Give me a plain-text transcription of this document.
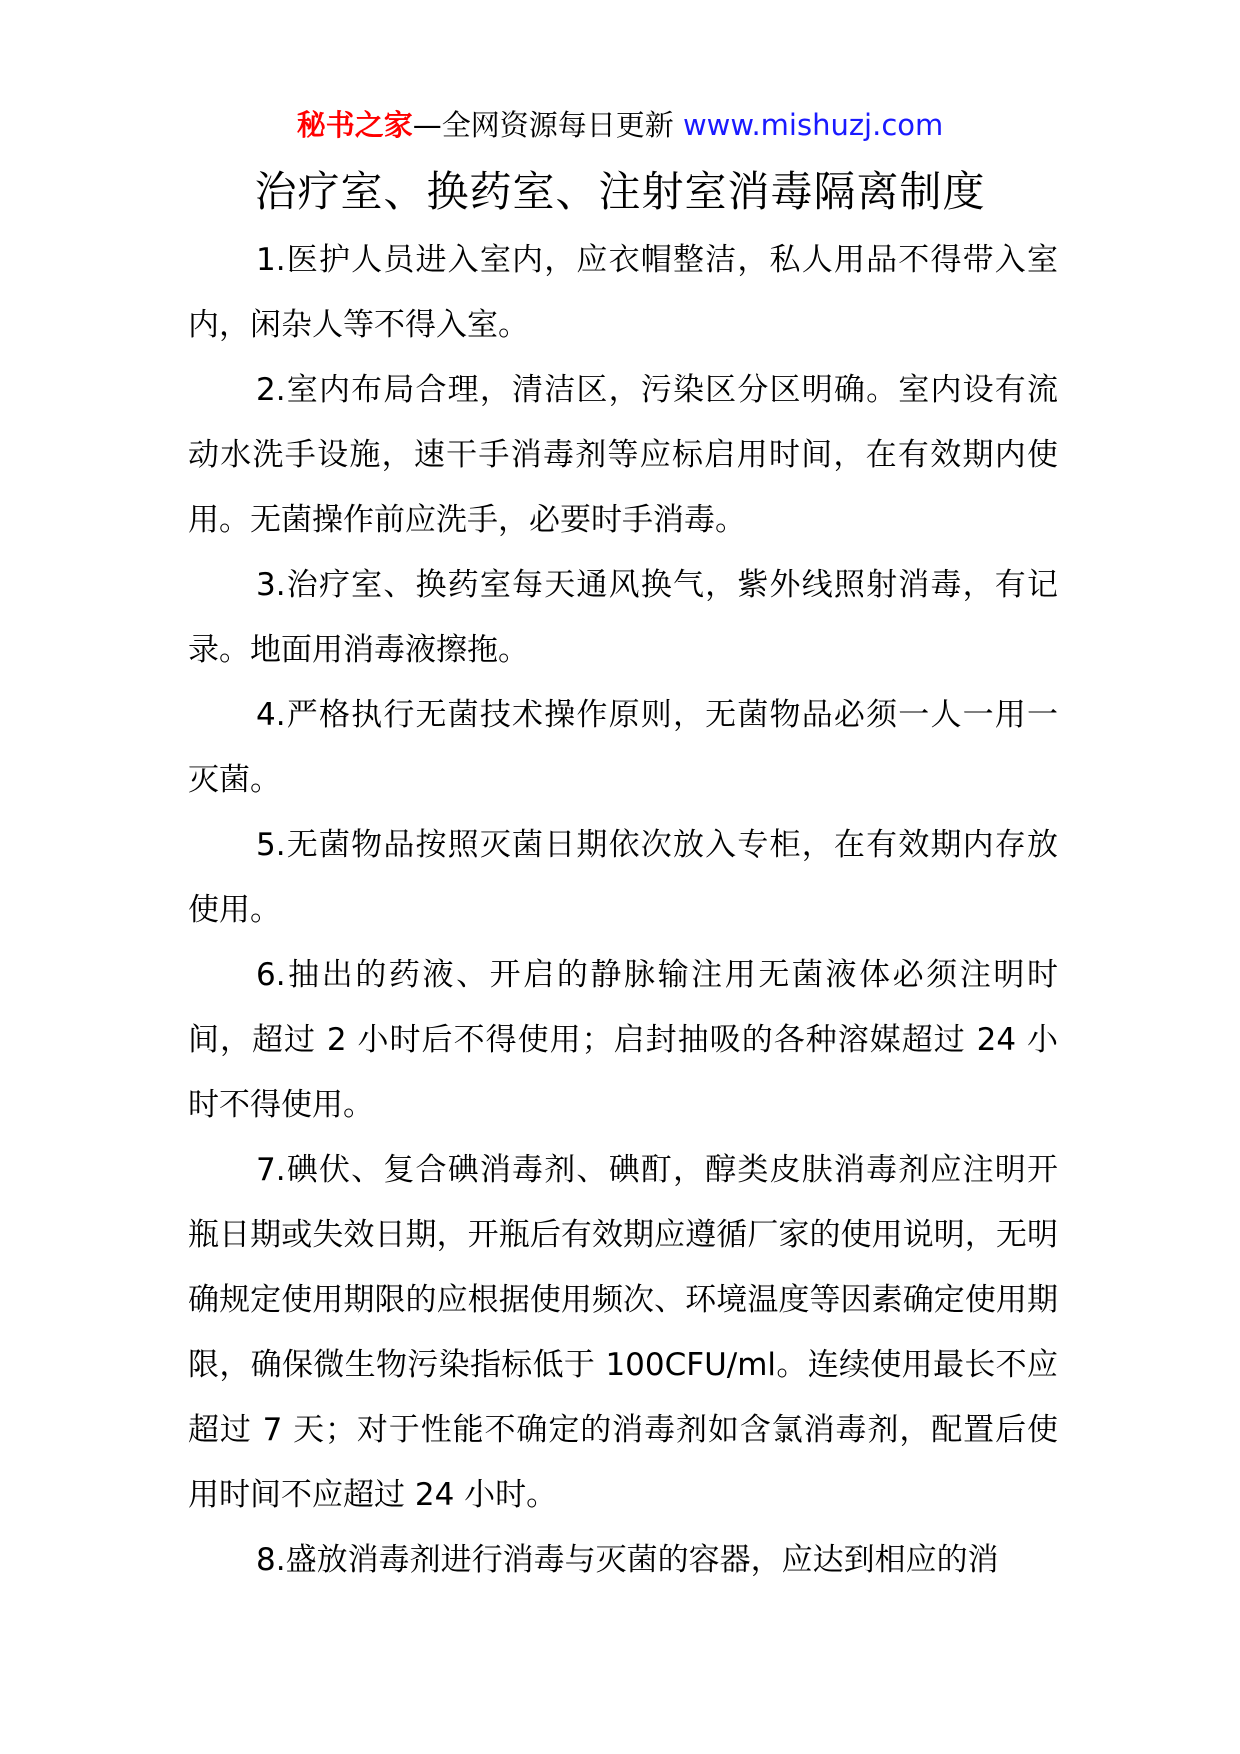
秘书之家—全网资源每日更新 www.mishuzj.com
治疗室、换药室、注射室消毒隔离制度

1.医护人员进入室内，应衣帽整洁，私人用品不得带入室内，闲杂人等不得入室。

2.室内布局合理，清洁区，污染区分区明确。室内设有流动水洗手设施，速干手消毒剂等应标启用时间，在有效期内使用。无菌操作前应洗手，必要时手消毒。

3.治疗室、换药室每天通风换气，紫外线照射消毒，有记录。地面用消毒液擦拖。

4.严格执行无菌技术操作原则，无菌物品必须一人一用一灭菌。

5.无菌物品按照灭菌日期依次放入专柜，在有效期内存放使用。

6.抽出的药液、开启的静脉输注用无菌液体必须注明时间，超过 2 小时后不得使用；启封抽吸的各种溶媒超过 24 小时不得使用。

7.碘伏、复合碘消毒剂、碘酊，醇类皮肤消毒剂应注明开瓶日期或失效日期，开瓶后有效期应遵循厂家的使用说明，无明确规定使用期限的应根据使用频次、环境温度等因素确定使用期限，确保微生物污染指标低于 100CFU/ml。连续使用最长不应超过 7 天；对于性能不确定的消毒剂如含氯消毒剂，配置后使用时间不应超过 24 小时。

8.盛放消毒剂进行消毒与灭菌的容器，应达到相应的消
